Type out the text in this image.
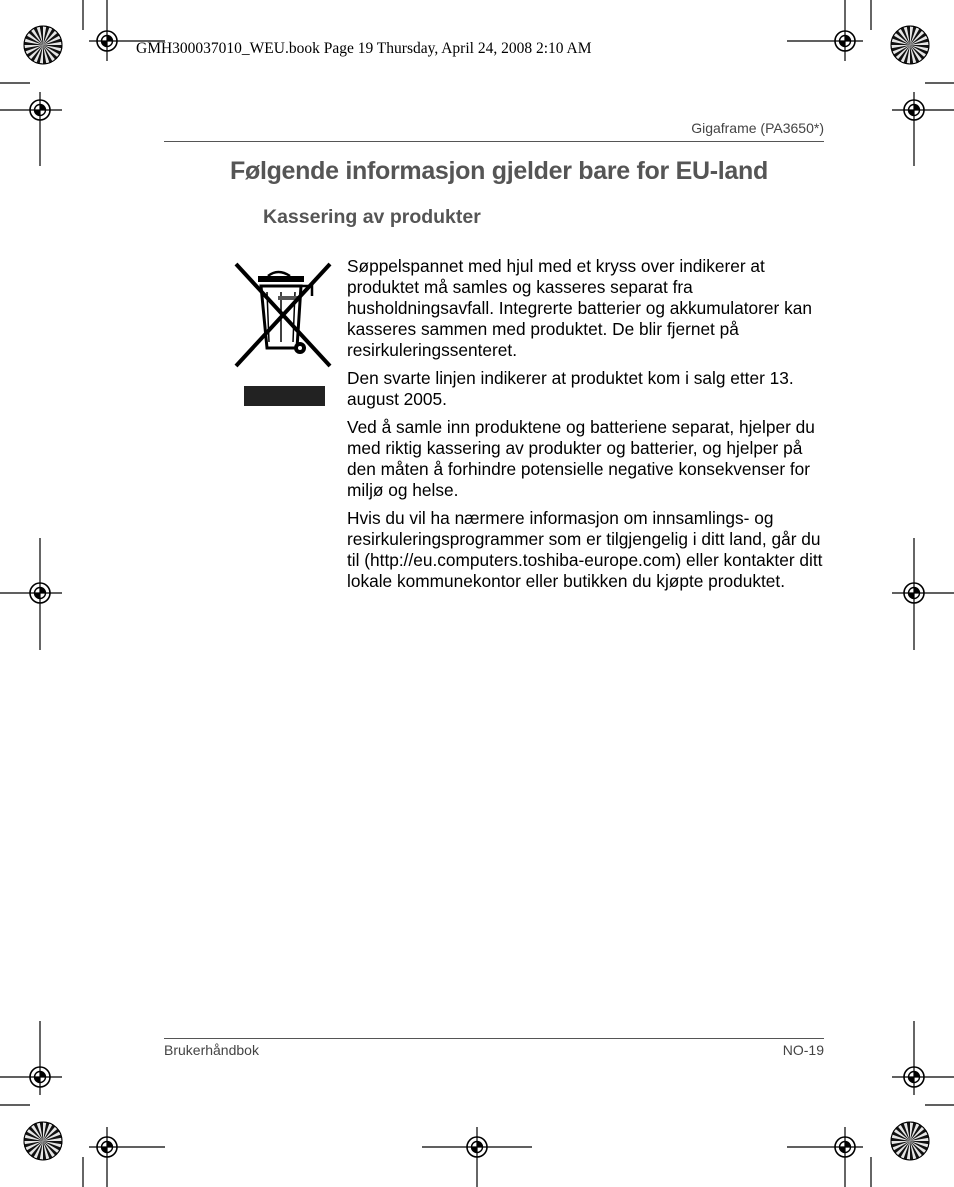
GMH300037010_WEU.book Page 19 Thursday, April 24, 2008 2:10 AM
Gigaframe (PA3650*)
Følgende informasjon gjelder bare for EU-land
Kassering av produkter

Søppelspannet med hjul med et kryss over indikerer at produktet må samles og kasseres separat fra husholdningsavfall. Integrerte batterier og akkumulatorer kan kasseres sammen med produktet. De blir fjernet på resirkuleringssenteret.

Den svarte linjen indikerer at produktet kom i salg etter 13. august 2005.

Ved å samle inn produktene og batteriene separat, hjelper du med riktig kassering av produkter og batterier, og hjelper på den måten å forhindre potensielle negative konsekvenser for miljø og helse.

Hvis du vil ha nærmere informasjon om innsamlings- og resirkuleringsprogrammer som er tilgjengelig i ditt land, går du til (http://eu.computers.toshiba-europe.com) eller kontakter ditt lokale kommunekontor eller butikken du kjøpte produktet.

Brukerhåndbok	NO-19
